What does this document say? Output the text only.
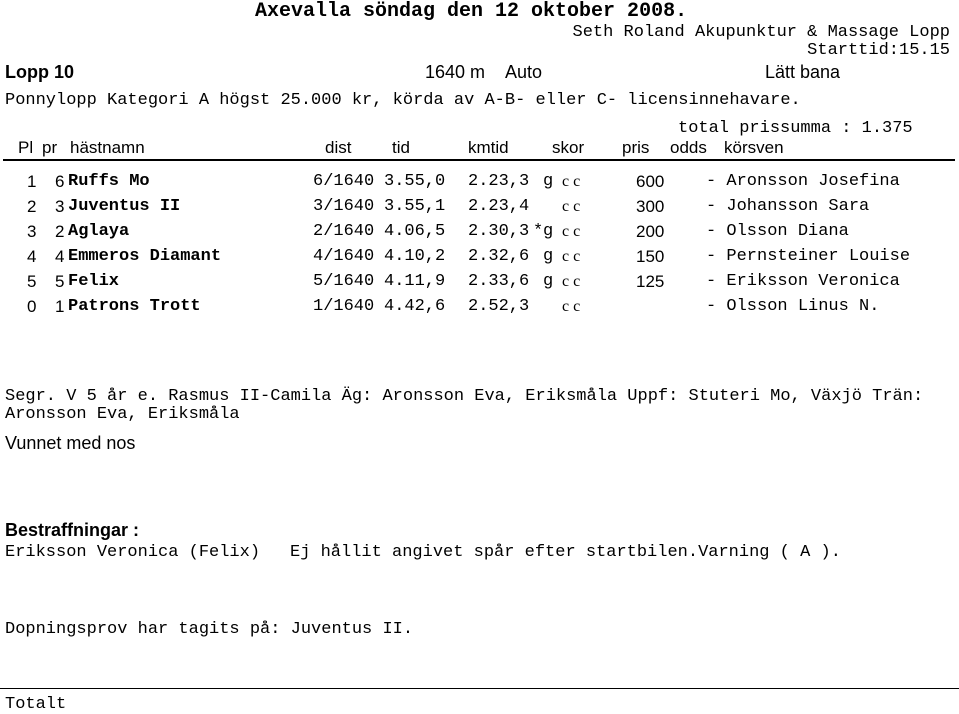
Axevalla söndag den 12 oktober 2008.
Seth Roland Akupunktur & Massage Lopp
Starttid:15.15
Lopp 10	1640 m Auto	Lätt bana
Ponnylopp Kategori A högst 25.000 kr, körda av A-B- eller C- licensinnehavare.
total prissumma : 1.375
Pl pr hästnamn	dist tid	kmtid	skor pris odds körsven
1 6 Ruffs Mo	6/1640 3.55,0 2.23,3 g c c	600 - Aronsson Josefina
2 3 Juventus II	3/1640 3.55,1 2.23,4 c c	300 - Johansson Sara
3 2 Aglaya	2/1640 4.06,5 2.30,3 * g c c	200 - Olsson Diana
4 4 Emmeros Diamant	4/1640 4.10,2 2.32,6 g c c	150 - Pernsteiner Louise
5 5 Felix	5/1640 4.11,9 2.33,6 g c c	125 - Eriksson Veronica
0 1 Patrons Trott	1/1640 4.42,6 2.52,3 c c	- Olsson Linus N.
Segr. V 5 år e. Rasmus II-Camila Äg: Aronsson Eva, Eriksmåla Uppf: Stuteri Mo, Växjö Trän: Aronsson Eva, Eriksmåla
Vunnet med nos
Bestraffningar :
Eriksson Veronica (Felix) Ej hållit angivet spår efter startbilen.Varning ( A ).
Dopningsprov har tagits på: Juventus II.
Totalt
